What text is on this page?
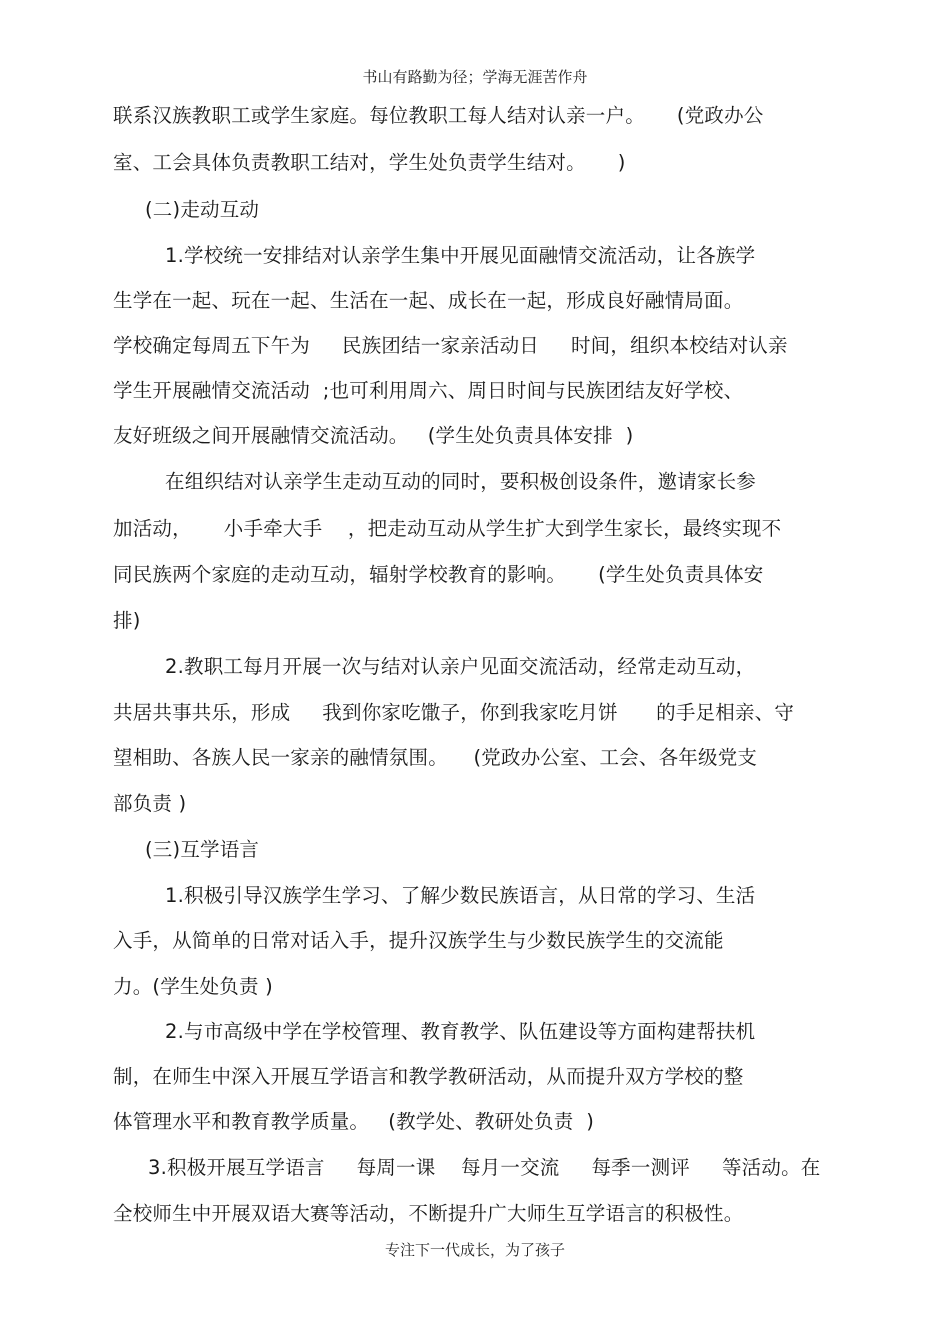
书山有路勤为径；学海无涯苦作舟
联系汉族教职工或学生家庭。每位教职工每人结对认亲一户。     (党政办公
室、工会具体负责教职工结对，学生处负责学生结对。     )
(二)走动互动
1.学校统一安排结对认亲学生集中开展见面融情交流活动，让各族学
生学在一起、玩在一起、生活在一起、成长在一起，形成良好融情局面。
学校确定每周五下午为     民族团结一家亲活动日     时间，组织本校结对认亲
学生开展融情交流活动  ;也可利用周六、周日时间与民族团结友好学校、
友好班级之间开展融情交流活动。   (学生处负责具体安排  )
在组织结对认亲学生走动互动的同时，要积极创设条件，邀请家长参
加活动，     小手牵大手    ，把走动互动从学生扩大到学生家长，最终实现不
同民族两个家庭的走动互动，辐射学校教育的影响。     (学生处负责具体安
排)
2.教职工每月开展一次与结对认亲户见面交流活动，经常走动互动，
共居共事共乐，形成     我到你家吃馓子，你到我家吃月饼      的手足相亲、守
望相助、各族人民一家亲的融情氛围。    (党政办公室、工会、各年级党支
部负责 )
(三)互学语言
1.积极引导汉族学生学习、了解少数民族语言，从日常的学习、生活
入手，从简单的日常对话入手，提升汉族学生与少数民族学生的交流能
力。(学生处负责 )
2.与市高级中学在学校管理、教育教学、队伍建设等方面构建帮扶机
制，在师生中深入开展互学语言和教学教研活动，从而提升双方学校的整
体管理水平和教育教学质量。   (教学处、教研处负责  )
3.积极开展互学语言     每周一课    每月一交流     每季一测评     等活动。在
全校师生中开展双语大赛等活动，不断提升广大师生互学语言的积极性。
专注下一代成长，为了孩子
